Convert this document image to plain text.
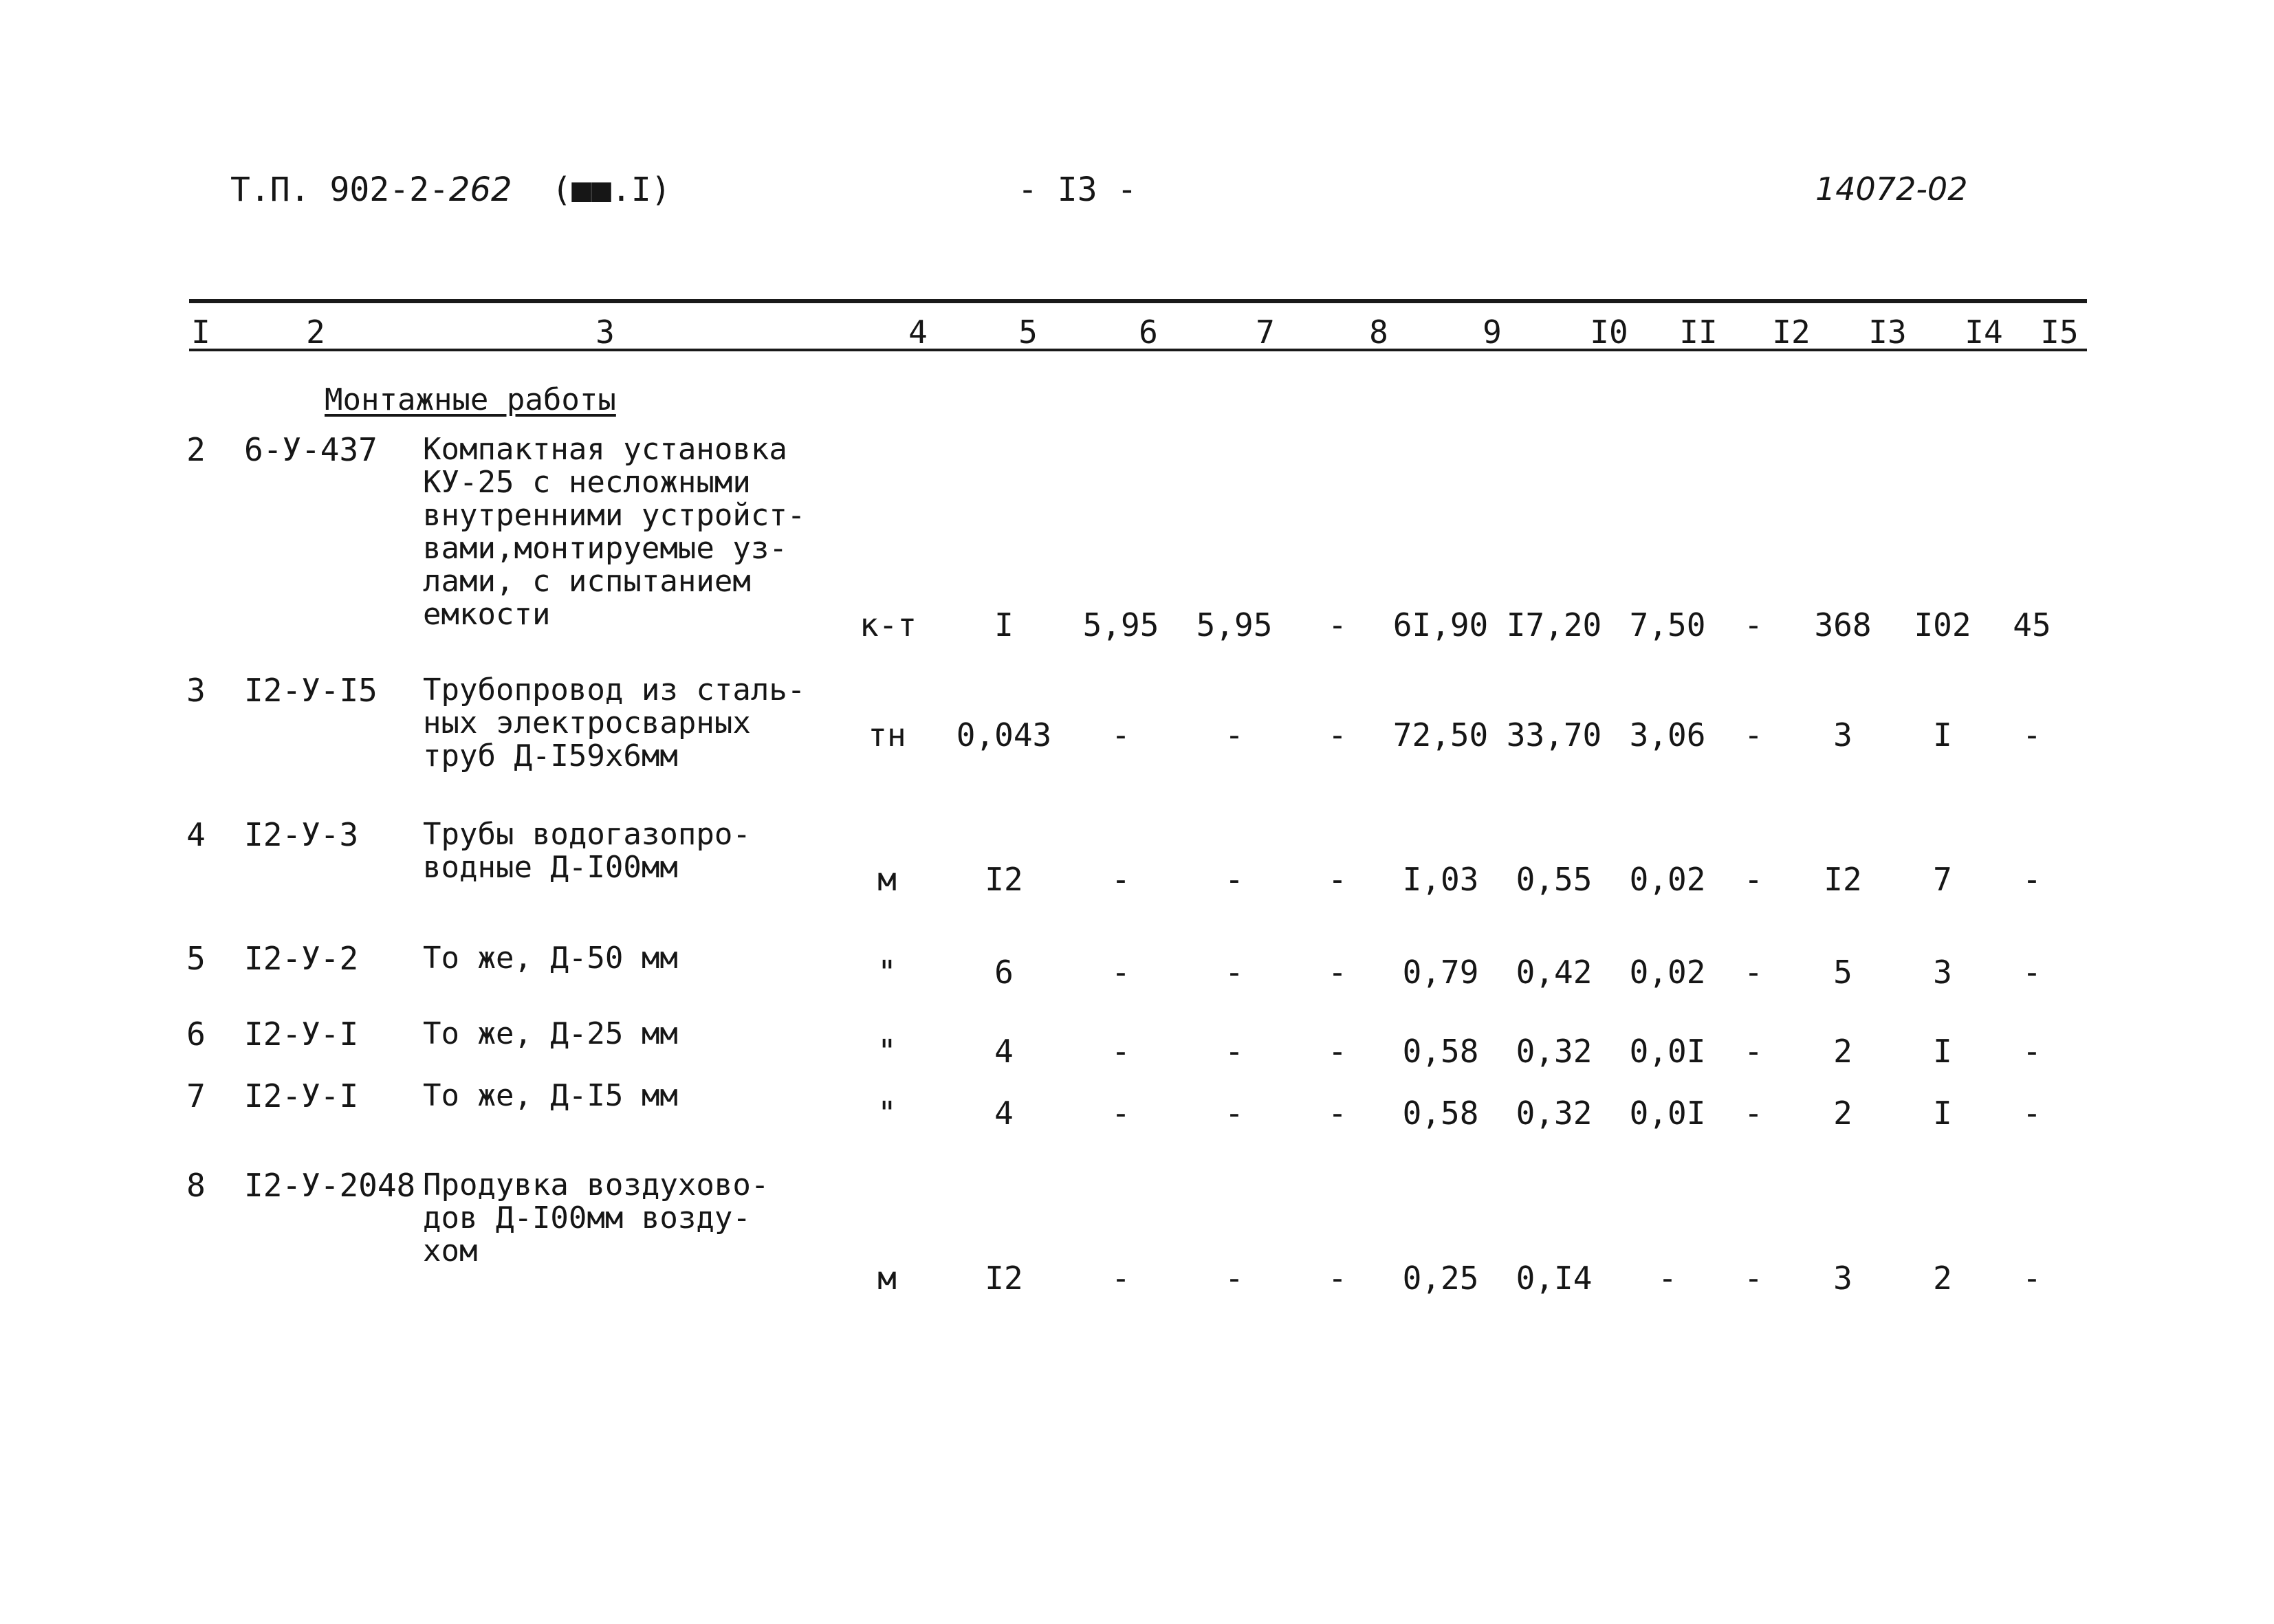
Т.П. 902-2-262 (■■.I)	- I3 -	14072-02
I	2	3	4	5	6	7	8	9	I0	II	I2	I3	I4	I5
Монтажные работы
2	6-У-437 Компактная установка
КУ-25 с несложными
внутренними устройст-
вами,монтируемые уз-
лами, с испытанием
емкости	к-т	I	5,95	5,95	-	6I,90 I7,20 7,50	-	368	I02	45
3	I2-У-I5 Трубопровод из сталь-
ных электросварных
труб Д-I59х6мм
тн	0,043	-	-	-	72,50 33,70 3,06	-	3	I	-
4	I2-У-3 Трубы водогазопро-
водные Д-I00мм	м	I2	-	-	-	I,03	0,55	0,02	-	I2	7	-
5	I2-У-2 То же, Д-50 мм	"	6	-	-	-	0,79	0,42	0,02	-	5	3	-
6	I2-У-I То же, Д-25 мм	"	4	-	-	-	0,58	0,32	0,0I	-	2	I	-
7	I2-У-I То же, Д-I5 мм	"	4	-	-	-	0,58	0,32	0,0I	-	2	I	-
8	I2-У-2048 Продувка воздухово-
дов Д-I00мм возду-
хом
м	I2	-	-	-	0,25	0,I4	-	-	3	2	-
